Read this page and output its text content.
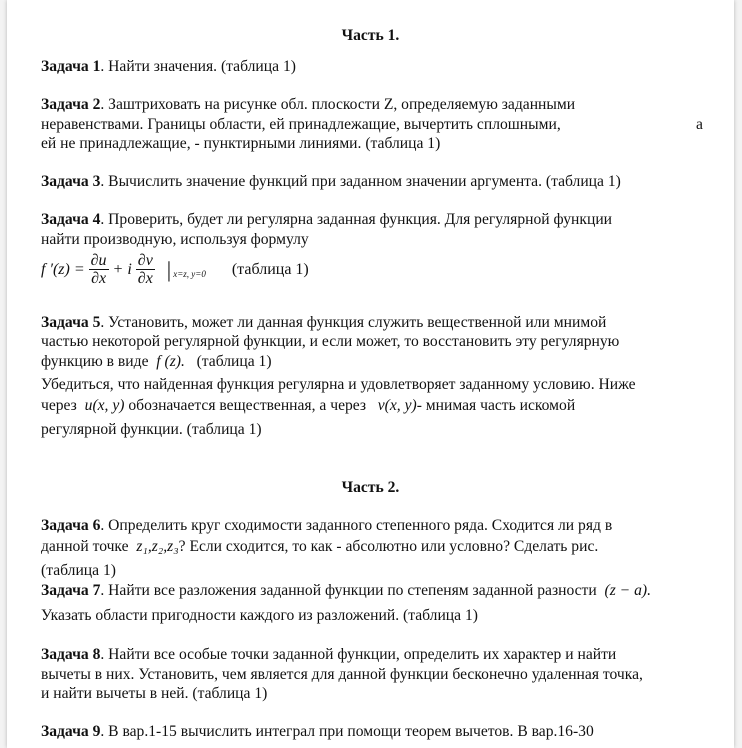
Часть 1.
Задача 1. Найти значения. (таблица 1)
Задача 2. Заштриховать на рисунке обл. плоскости Z, определяемую заданными
неравенствами. Границы области, ей принадлежащие, вычертить сплошными,	а
ей не принадлежащие, - пунктирными линиями. (таблица 1)
Задача 3. Вычислить значение функций при заданном значении аргумента. (таблица 1)
Задача 4. Проверить, будет ли регулярна заданная функция. Для регулярной функции
найти производную, используя формулу
f $'(z) = \frac{\partial u}{\partial x} + i \frac{\partial v}{\partial x}$ | $_{x=z, y=0}$ (таблица 1)
Задача 5. Установить, может ли данная функция служить вещественной или мнимой
частью некоторой регулярной функции, и если может, то восстановить эту регулярную
функцию в виде f (z). (таблица 1)
Убедиться, что найденная функция регулярна и удовлетворяет заданному условию. Ниже
через u(x, y) обозначается вещественная, а через v(x, y)- мнимая часть искомой
регулярной функции. (таблица 1)
Часть 2.
Задача 6. Определить круг сходимости заданного степенного ряда. Сходится ли ряд в
данной точке z₁,z₂,z₃? Если сходится, то как - абсолютно или условно? Сделать рис.
(таблица 1)
Задача 7. Найти все разложения заданной функции по степеням заданной разности (z − a).
Указать области пригодности каждого из разложений. (таблица 1)
Задача 8. Найти все особые точки заданной функции, определить их характер и найти
вычеты в них. Установить, чем является для данной функции бесконечно удаленная точка,
и найти вычеты в ней. (таблица 1)
Задача 9. В вар.1-15 вычислить интеграл при помощи теорем вычетов. В вар.16-30
